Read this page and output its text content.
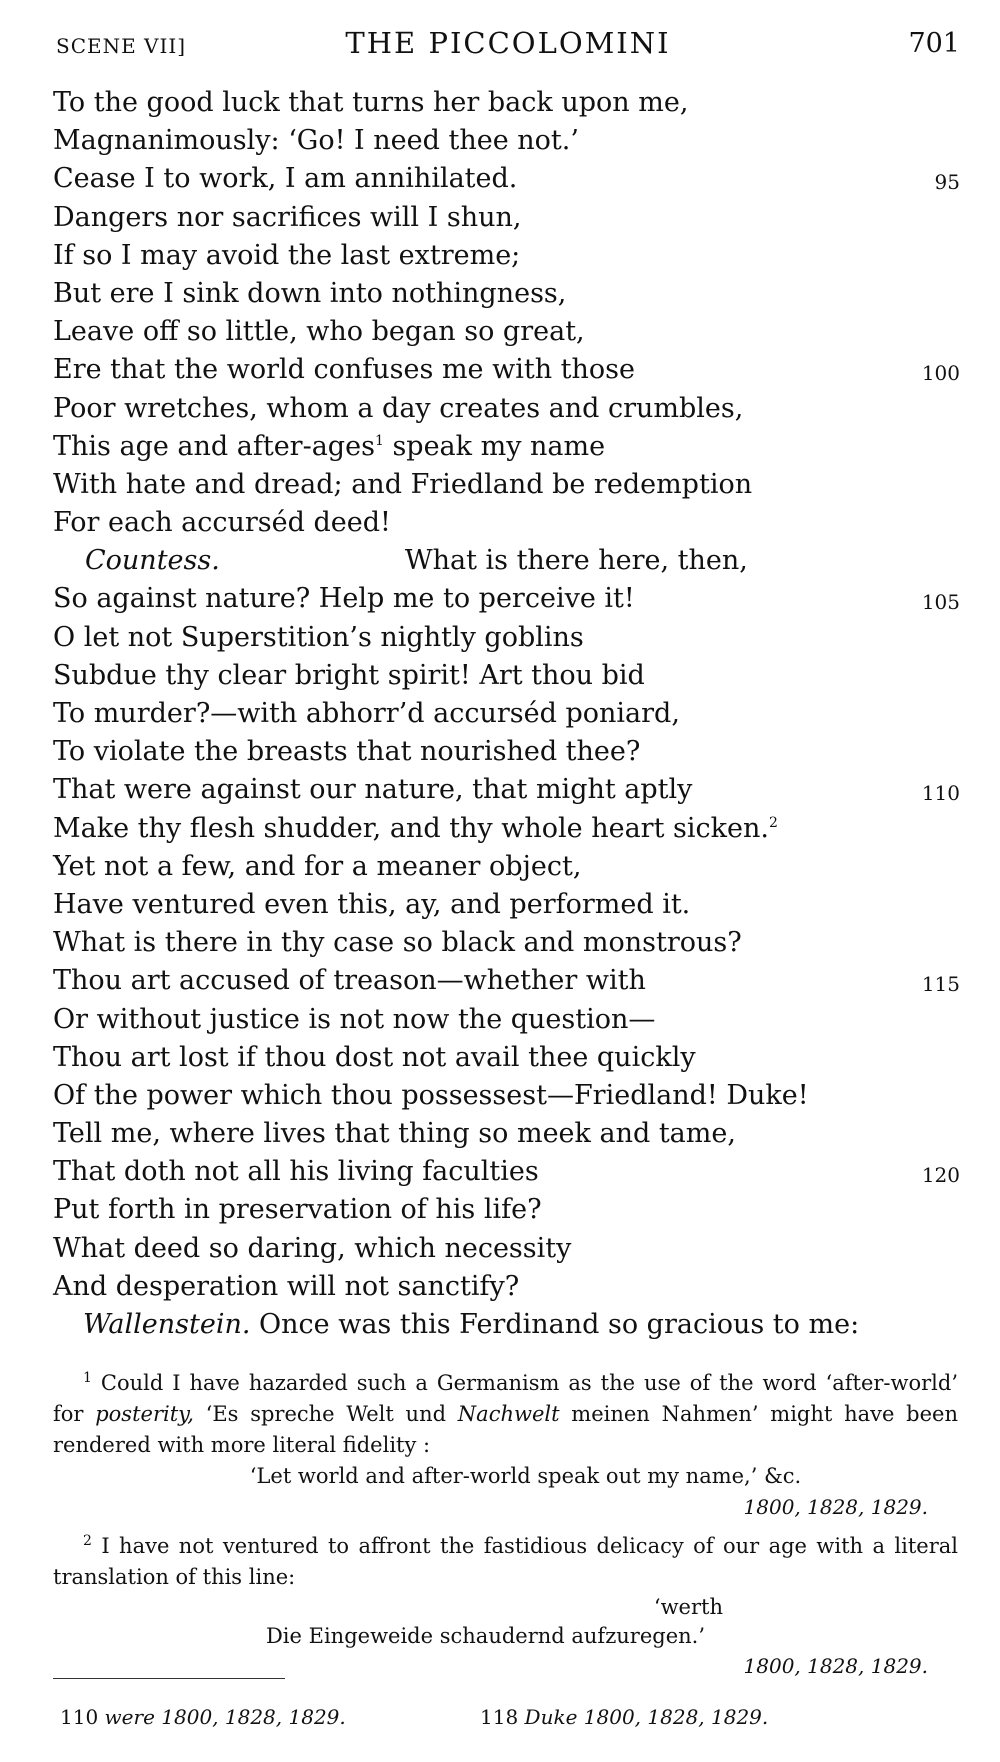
SCENE VII]	THE PICCOLOMINI	701
To the good luck that turns her back upon me,
Magnanimously: ‘Go! I need thee not.’
Cease I to work, I am annihilated.	95
Dangers nor sacrifices will I shun,
If so I may avoid the last extreme;
But ere I sink down into nothingness,
Leave off so little, who began so great,
Ere that the world confuses me with those	100
Poor wretches, whom a day creates and crumbles,
This age and after-ages$^1$ speak my name
With hate and dread; and Friedland be redemption
For each accurséd deed!
Countess.	What is there here, then,
So against nature? Help me to perceive it!	105
O let not Superstition’s nightly goblins
Subdue thy clear bright spirit! Art thou bid
To murder?—with abhorr’d accurséd poniard,
To violate the breasts that nourished thee?
That were against our nature, that might aptly	110
Make thy flesh shudder, and thy whole heart sicken.$^2$
Yet not a few, and for a meaner object,
Have ventured even this, ay, and performed it.
What is there in thy case so black and monstrous?
Thou art accused of treason—whether with	115
Or without justice is not now the question—
Thou art lost if thou dost not avail thee quickly
Of the power which thou possessest—Friedland! Duke!
Tell me, where lives that thing so meek and tame,
That doth not all his living faculties	120
Put forth in preservation of his life?
What deed so daring, which necessity
And desperation will not sanctify?
Wallenstein. Once was this Ferdinand so gracious to me:

$^1$ Could I have hazarded such a Germanism as the use of the word ‘after-world’ for posterity, ‘Es spreche Welt und Nachwelt meinen Nahmen’ might have been rendered with more literal fidelity :

‘Let world and after-world speak out my name,’ &c.

1800, 1828, 1829.

$^2$ I have not ventured to affront the fastidious delicacy of our age with a literal translation of this line:

‘werth

Die Eingeweide schaudernd aufzuregen.’

1800, 1828, 1829.

110 were 1800, 1828, 1829.	118 Duke 1800, 1828, 1829.
